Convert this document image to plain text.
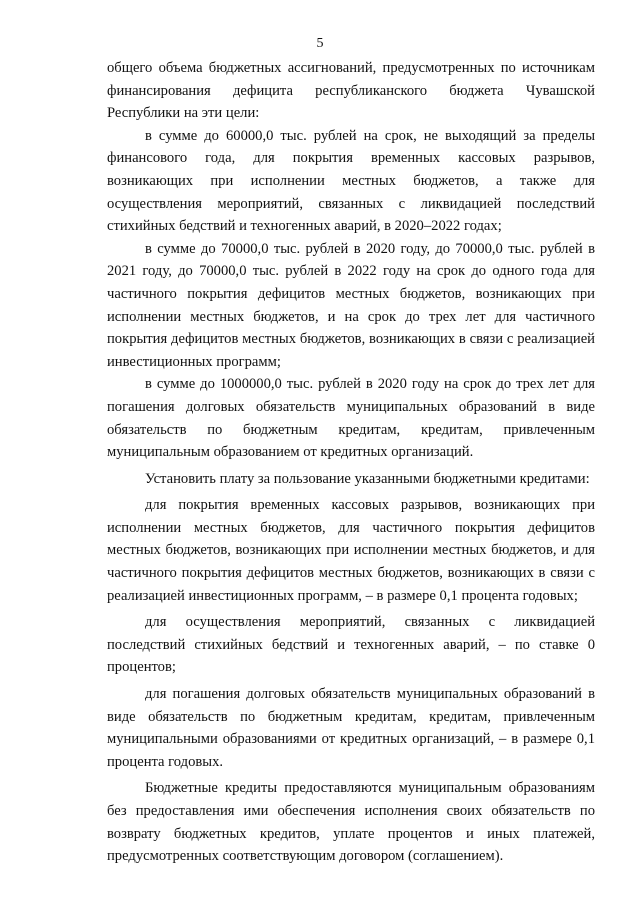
5

общего объема бюджетных ассигнований, предусмотренных по источникам финансирования дефицита республиканского бюджета Чувашской Республики на эти цели:

в сумме до 60000,0 тыс. рублей на срок, не выходящий за пределы финансового года, для покрытия временных кассовых разрывов, возникающих при исполнении местных бюджетов, а также для осуществления мероприятий, связанных с ликвидацией последствий стихийных бедствий и техногенных аварий, в 2020–2022 годах;

в сумме до 70000,0 тыс. рублей в 2020 году, до 70000,0 тыс. рублей в 2021 году, до 70000,0 тыс. рублей в 2022 году на срок до одного года для частичного покрытия дефицитов местных бюджетов, возникающих при исполнении местных бюджетов, и на срок до трех лет для частичного покрытия дефицитов местных бюджетов, возникающих в связи с реализацией инвестиционных программ;

в сумме до 1000000,0 тыс. рублей в 2020 году на срок до трех лет для погашения долговых обязательств муниципальных образований в виде обязательств по бюджетным кредитам, кредитам, привлеченным муниципальным образованием от кредитных организаций.

Установить плату за пользование указанными бюджетными кредитами:

для покрытия временных кассовых разрывов, возникающих при исполнении местных бюджетов, для частичного покрытия дефицитов местных бюджетов, возникающих при исполнении местных бюджетов, и для частичного покрытия дефицитов местных бюджетов, возникающих в связи с реализацией инвестиционных программ, – в размере 0,1 процента годовых;

для осуществления мероприятий, связанных с ликвидацией последствий стихийных бедствий и техногенных аварий, – по ставке 0 процентов;

для погашения долговых обязательств муниципальных образований в виде обязательств по бюджетным кредитам, кредитам, привлеченным муниципальными образованиями от кредитных организаций, – в размере 0,1 процента годовых.

Бюджетные кредиты предоставляются муниципальным образованиям без предоставления ими обеспечения исполнения своих обязательств по возврату бюджетных кредитов, уплате процентов и иных платежей, предусмотренных соответствующим договором (соглашением).
